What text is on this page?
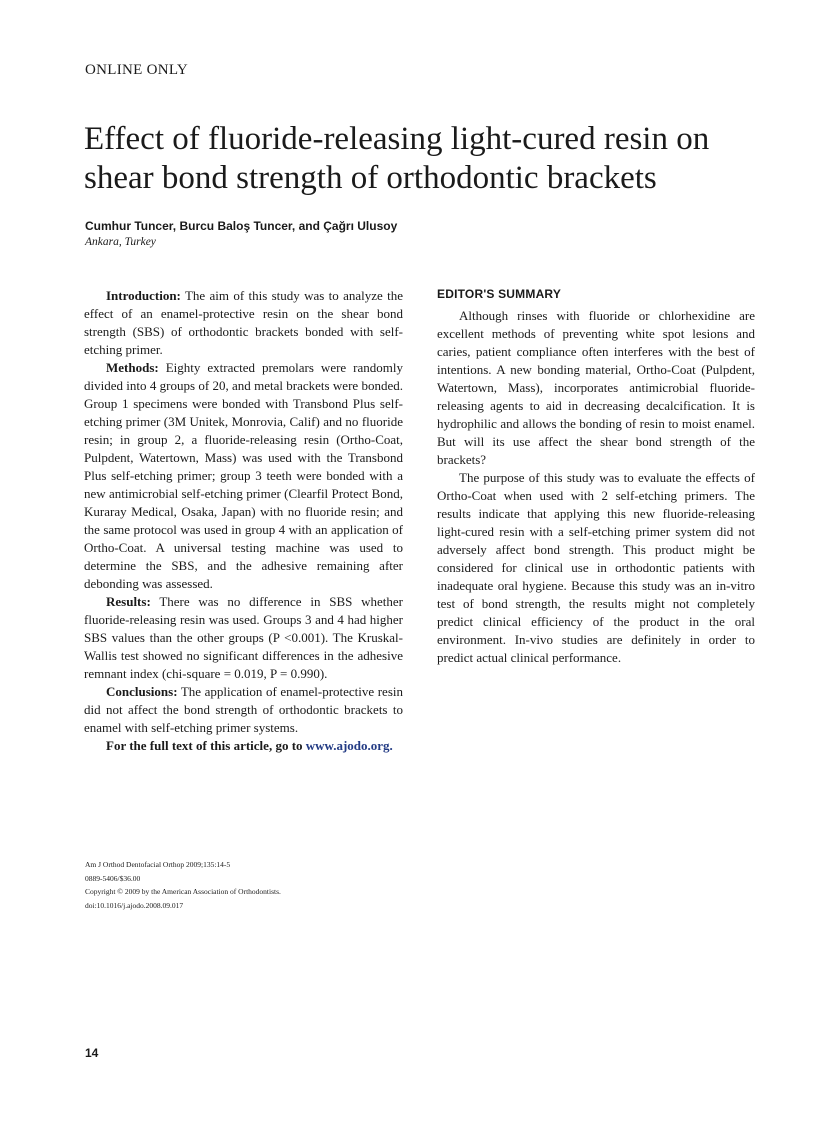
ONLINE ONLY
Effect of fluoride-releasing light-cured resin on shear bond strength of orthodontic brackets
Cumhur Tuncer, Burcu Baloş Tuncer, and Çağrı Ulusoy
Ankara, Turkey

Introduction: The aim of this study was to analyze the effect of an enamel-protective resin on the shear bond strength (SBS) of orthodontic brackets bonded with self-etching primer.

Methods: Eighty extracted premolars were randomly divided into 4 groups of 20, and metal brackets were bonded. Group 1 specimens were bonded with Transbond Plus self-etching primer (3M Unitek, Monrovia, Calif) and no fluoride resin; in group 2, a fluoride-releasing resin (Ortho-Coat, Pulpdent, Watertown, Mass) was used with the Transbond Plus self-etching primer; group 3 teeth were bonded with a new antimicrobial self-etching primer (Clearfil Protect Bond, Kuraray Medical, Osaka, Japan) with no fluoride resin; and the same protocol was used in group 4 with an application of Ortho-Coat. A universal testing machine was used to determine the SBS, and the adhesive remaining after debonding was assessed.

Results: There was no difference in SBS whether fluoride-releasing resin was used. Groups 3 and 4 had higher SBS values than the other groups (P <0.001). The Kruskal-Wallis test showed no significant differences in the adhesive remnant index (chi-square = 0.019, P = 0.990).

Conclusions: The application of enamel-protective resin did not affect the bond strength of orthodontic brackets to enamel with self-etching primer systems.

For the full text of this article, go to www.ajodo.org.

EDITOR'S SUMMARY

Although rinses with fluoride or chlorhexidine are excellent methods of preventing white spot lesions and caries, patient compliance often interferes with the best of intentions. A new bonding material, Ortho-Coat (Pulpdent, Watertown, Mass), incorporates antimicrobial fluoride-releasing agents to aid in decreasing decalcification. It is hydrophilic and allows the bonding of resin to moist enamel. But will its use affect the shear bond strength of the brackets?

The purpose of this study was to evaluate the effects of Ortho-Coat when used with 2 self-etching primers. The results indicate that applying this new fluoride-releasing light-cured resin with a self-etching primer system did not adversely affect bond strength. This product might be considered for clinical use in orthodontic patients with inadequate oral hygiene. Because this study was an in-vitro test of bond strength, the results might not completely predict clinical efficiency of the product in the oral environment. In-vivo studies are definitely in order to predict actual clinical performance.

Am J Orthod Dentofacial Orthop 2009;135:14-5
0889-5406/$36.00
Copyright © 2009 by the American Association of Orthodontists.
doi:10.1016/j.ajodo.2008.09.017
14
